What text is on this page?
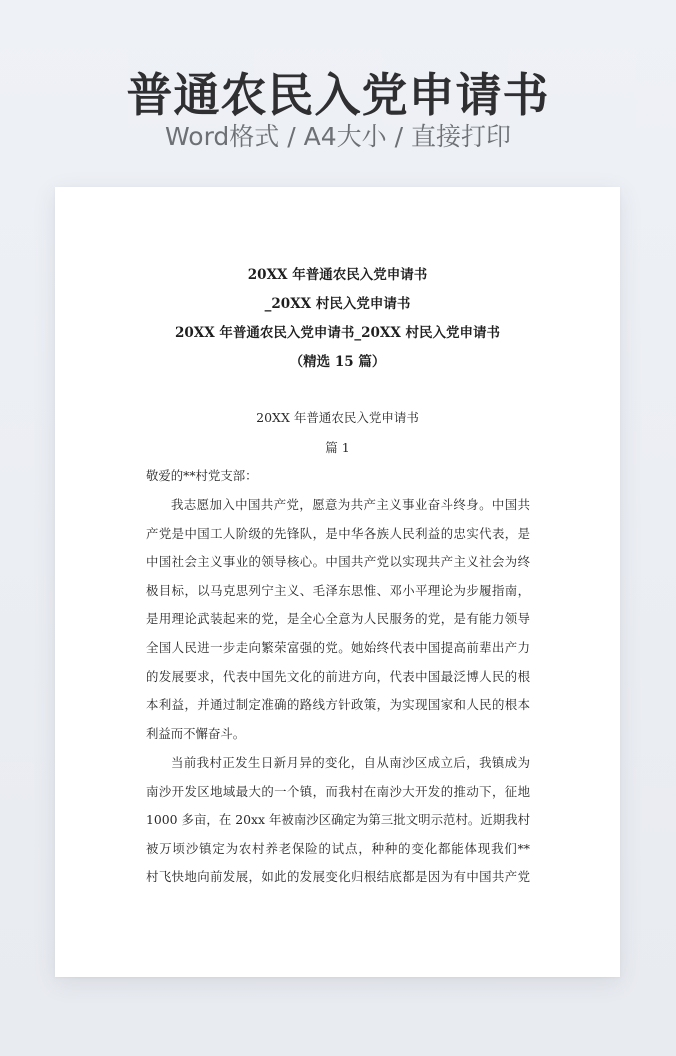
普通农民入党申请书
Word格式 / A4大小 / 直接打印
20XX 年普通农民入党申请书
_20XX 村民入党申请书
20XX 年普通农民入党申请书_20XX 村民入党申请书
（精选 15 篇）
20XX 年普通农民入党申请书
篇 1
敬爱的**村党支部：
我志愿加入中国共产党，愿意为共产主义事业奋斗终身。中国共
产党是中国工人阶级的先锋队，是中华各族人民利益的忠实代表，是
中国社会主义事业的领导核心。中国共产党以实现共产主义社会为终
极目标，以马克思列宁主义、毛泽东思惟、邓小平理论为步履指南，
是用理论武装起来的党，是全心全意为人民服务的党，是有能力领导
全国人民进一步走向繁荣富强的党。她始终代表中国提高前辈出产力
的发展要求，代表中国先文化的前进方向，代表中国最泛博人民的根
本利益，并通过制定准确的路线方针政策，为实现国家和人民的根本
利益而不懈奋斗。
当前我村正发生日新月异的变化，自从南沙区成立后，我镇成为
南沙开发区地域最大的一个镇，而我村在南沙大开发的推动下，征地
1000 多亩，在 20xx 年被南沙区确定为第三批文明示范村。近期我村
被万顷沙镇定为农村养老保险的试点，种种的变化都能体现我们**
村飞快地向前发展，如此的发展变化归根结底都是因为有中国共产党
